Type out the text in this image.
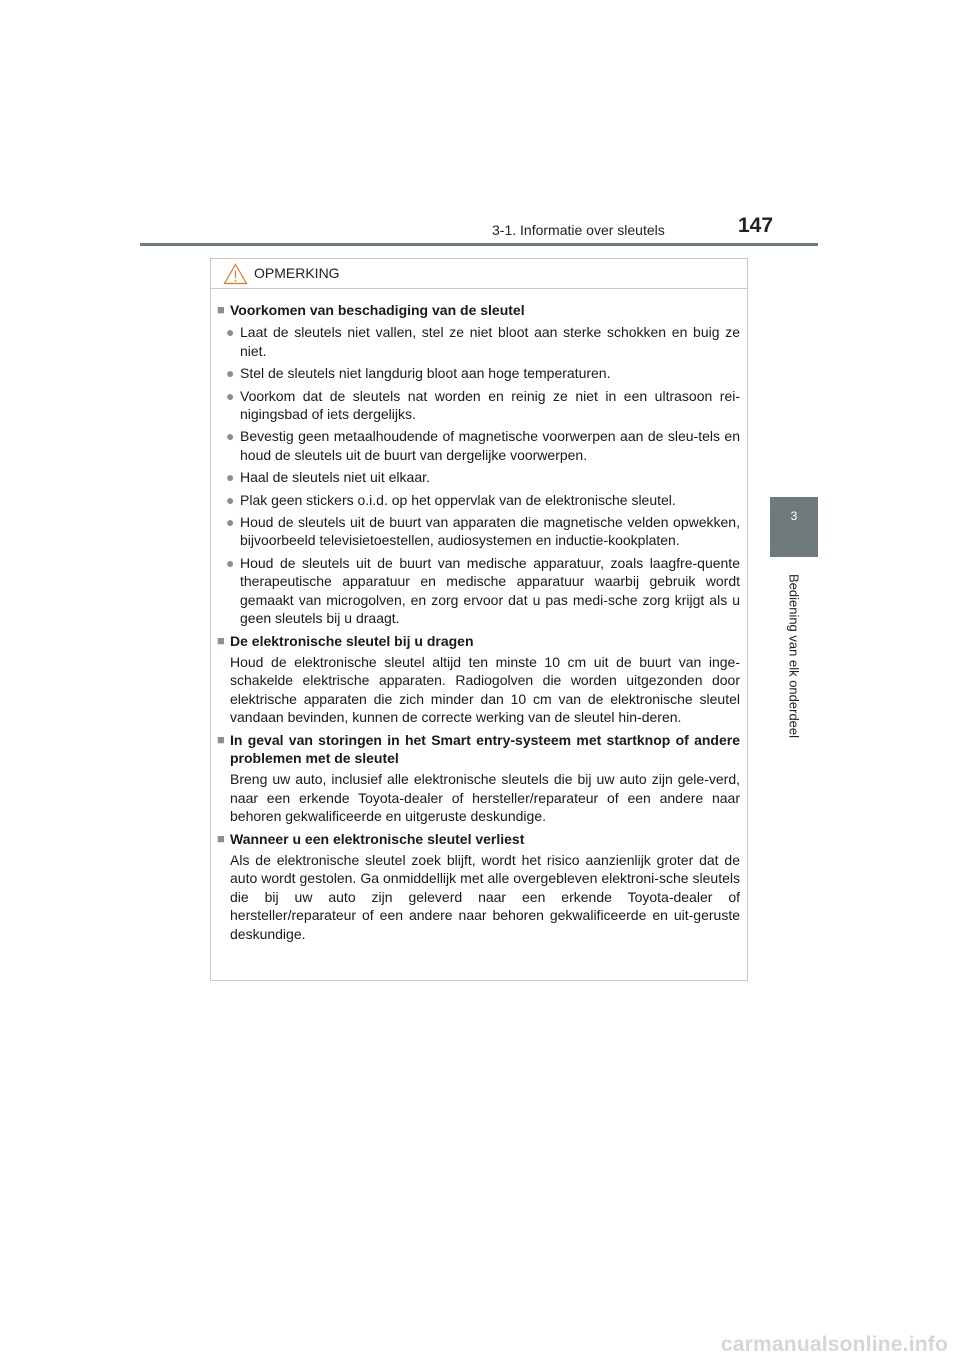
3-1. Informatie over sleutels	147
3
Bediening van elk onderdeel
OPMERKING
■ Voorkomen van beschadiging van de sleutel
● Laat de sleutels niet vallen, stel ze niet bloot aan sterke schokken en buig ze niet.
● Stel de sleutels niet langdurig bloot aan hoge temperaturen.
● Voorkom dat de sleutels nat worden en reinig ze niet in een ultrasoon rei-nigingsbad of iets dergelijks.
● Bevestig geen metaalhoudende of magnetische voorwerpen aan de sleu-tels en houd de sleutels uit de buurt van dergelijke voorwerpen.
● Haal de sleutels niet uit elkaar.
● Plak geen stickers o.i.d. op het oppervlak van de elektronische sleutel.
● Houd de sleutels uit de buurt van apparaten die magnetische velden opwekken, bijvoorbeeld televisietoestellen, audiosystemen en inductie-kookplaten.
● Houd de sleutels uit de buurt van medische apparatuur, zoals laagfre-quente therapeutische apparatuur en medische apparatuur waarbij gebruik wordt gemaakt van microgolven, en zorg ervoor dat u pas medi-sche zorg krijgt als u geen sleutels bij u draagt.
■ De elektronische sleutel bij u dragen
Houd de elektronische sleutel altijd ten minste 10 cm uit de buurt van inge-schakelde elektrische apparaten. Radiogolven die worden uitgezonden door elektrische apparaten die zich minder dan 10 cm van de elektronische sleutel vandaan bevinden, kunnen de correcte werking van de sleutel hin-deren.
■ In geval van storingen in het Smart entry-systeem met startknop of andere problemen met de sleutel
Breng uw auto, inclusief alle elektronische sleutels die bij uw auto zijn gele-verd, naar een erkende Toyota-dealer of hersteller/reparateur of een andere naar behoren gekwalificeerde en uitgeruste deskundige.
■ Wanneer u een elektronische sleutel verliest
Als de elektronische sleutel zoek blijft, wordt het risico aanzienlijk groter dat de auto wordt gestolen. Ga onmiddellijk met alle overgebleven elektroni-sche sleutels die bij uw auto zijn geleverd naar een erkende Toyota-dealer of hersteller/reparateur of een andere naar behoren gekwalificeerde en uit-geruste deskundige.
carmanualsonline.info
